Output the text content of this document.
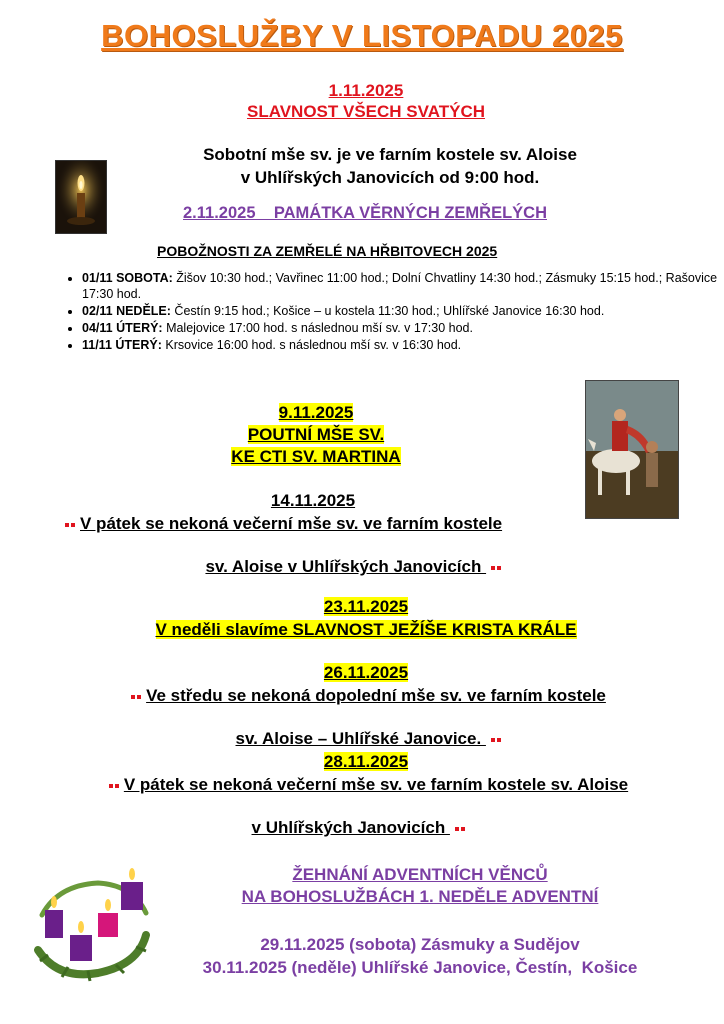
BOHOSLUŽBY V LISTOPADU 2025
1.11.2025
SLAVNOST VŠECH SVATÝCH
Sobotní mše sv. je ve farním kostele sv. Aloise
v Uhlířských Janovicích od 9:00 hod.
2.11.2025    PAMÁTKA VĚRNÝCH ZEMŘELÝCH
POBOŽNOSTI ZA ZEMŘELÉ NA HŘBITOVECH 2025
• 01/11 SOBOTA: Žišov 10:30 hod.; Vavřinec 11:00 hod.; Dolní Chvatliny 14:30 hod.; Zásmuky 15:15 hod.; Rašovice 17:30 hod.
• 02/11 NEDĚLE: Čestín 9:15 hod.; Košice – u kostela 11:30 hod.; Uhlířské Janovice 16:30 hod.
• 04/11 ÚTERÝ: Malejovice 17:00 hod. s následnou mší sv. v 17:30 hod.
• 11/11 ÚTERÝ: Krsovice 16:00 hod. s následnou mší sv. v 16:30 hod.
9.11.2025
POUTNÍ MŠE SV.
KE CTI SV. MARTINA
14.11.2025
V pátek se nekoná večerní mše sv. ve farním kostele

sv. Aloise v Uhlířských Janovicích

23.11.2025
V neděli slavíme SLAVNOST JEŽÍŠE KRISTA KRÁLE
26.11.2025
Ve středu se nekoná dopolední mše sv. ve farním kostele

sv. Aloise – Uhlířské Janovice.

28.11.2025
V pátek se nekoná večerní mše sv. ve farním kostele sv. Aloise

v Uhlířských Janovicích

ŽEHNÁNÍ ADVENTNÍCH VĚNCŮ
NA BOHOSLUŽBÁCH 1. NEDĚLE ADVENTNÍ
29.11.2025 (sobota) Zásmuky a Sudějov
30.11.2025 (neděle) Uhlířské Janovice, Čestín,  Košice
